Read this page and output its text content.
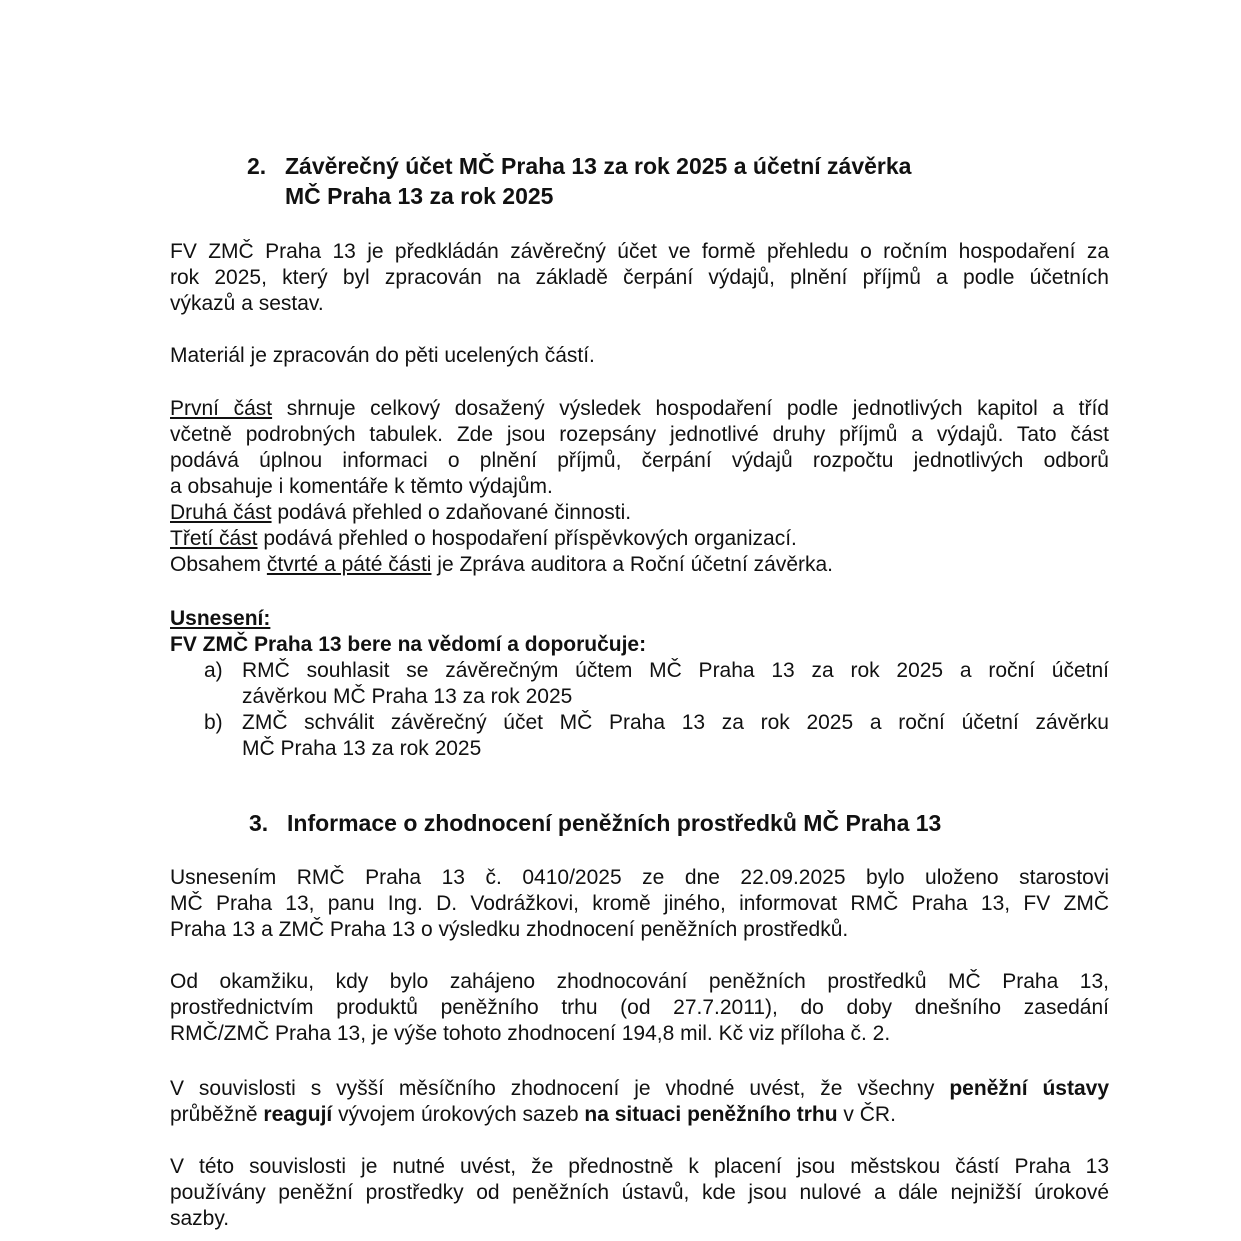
2. Závěrečný účet MČ Praha 13 za rok 2025 a účetní závěrka
MČ Praha 13 za rok 2025
FV ZMČ Praha 13 je předkládán závěrečný účet ve formě přehledu o ročním hospodaření za
rok 2025, který byl zpracován na základě čerpání výdajů, plnění příjmů a podle účetních
výkazů a sestav.
Materiál je zpracován do pěti ucelených částí.
První část shrnuje celkový dosažený výsledek hospodaření podle jednotlivých kapitol a tříd
včetně podrobných tabulek. Zde jsou rozepsány jednotlivé druhy příjmů a výdajů. Tato část
podává úplnou informaci o plnění příjmů, čerpání výdajů rozpočtu jednotlivých odborů
a obsahuje i komentáře k těmto výdajům.
Druhá část podává přehled o zdaňované činnosti.
Třetí část podává přehled o hospodaření příspěvkových organizací.
Obsahem čtvrté a páté části je Zpráva auditora a Roční účetní závěrka.
Usnesení:
FV ZMČ Praha 13 bere na vědomí a doporučuje:
a) RMČ souhlasit se závěrečným účtem MČ Praha 13 za rok 2025 a roční účetní
závěrkou MČ Praha 13 za rok 2025
b) ZMČ schválit závěrečný účet MČ Praha 13 za rok 2025 a roční účetní závěrku
MČ Praha 13 za rok 2025
3. Informace o zhodnocení peněžních prostředků MČ Praha 13
Usnesením RMČ Praha 13 č. 0410/2025 ze dne 22.09.2025 bylo uloženo starostovi
MČ Praha 13, panu Ing. D. Vodrážkovi, kromě jiného, informovat RMČ Praha 13, FV ZMČ
Praha 13 a ZMČ Praha 13 o výsledku zhodnocení peněžních prostředků.
Od okamžiku, kdy bylo zahájeno zhodnocování peněžních prostředků MČ Praha 13,
prostřednictvím produktů peněžního trhu (od 27.7.2011), do doby dnešního zasedání
RMČ/ZMČ Praha 13, je výše tohoto zhodnocení 194,8 mil. Kč viz příloha č. 2.
V souvislosti s vyšší měsíčního zhodnocení je vhodné uvést, že všechny peněžní ústavy
průběžně reagují vývojem úrokových sazeb na situaci peněžního trhu v ČR.
V této souvislosti je nutné uvést, že přednostně k placení jsou městskou částí Praha 13
používány peněžní prostředky od peněžních ústavů, kde jsou nulové a dále nejnižší úrokové
sazby.
